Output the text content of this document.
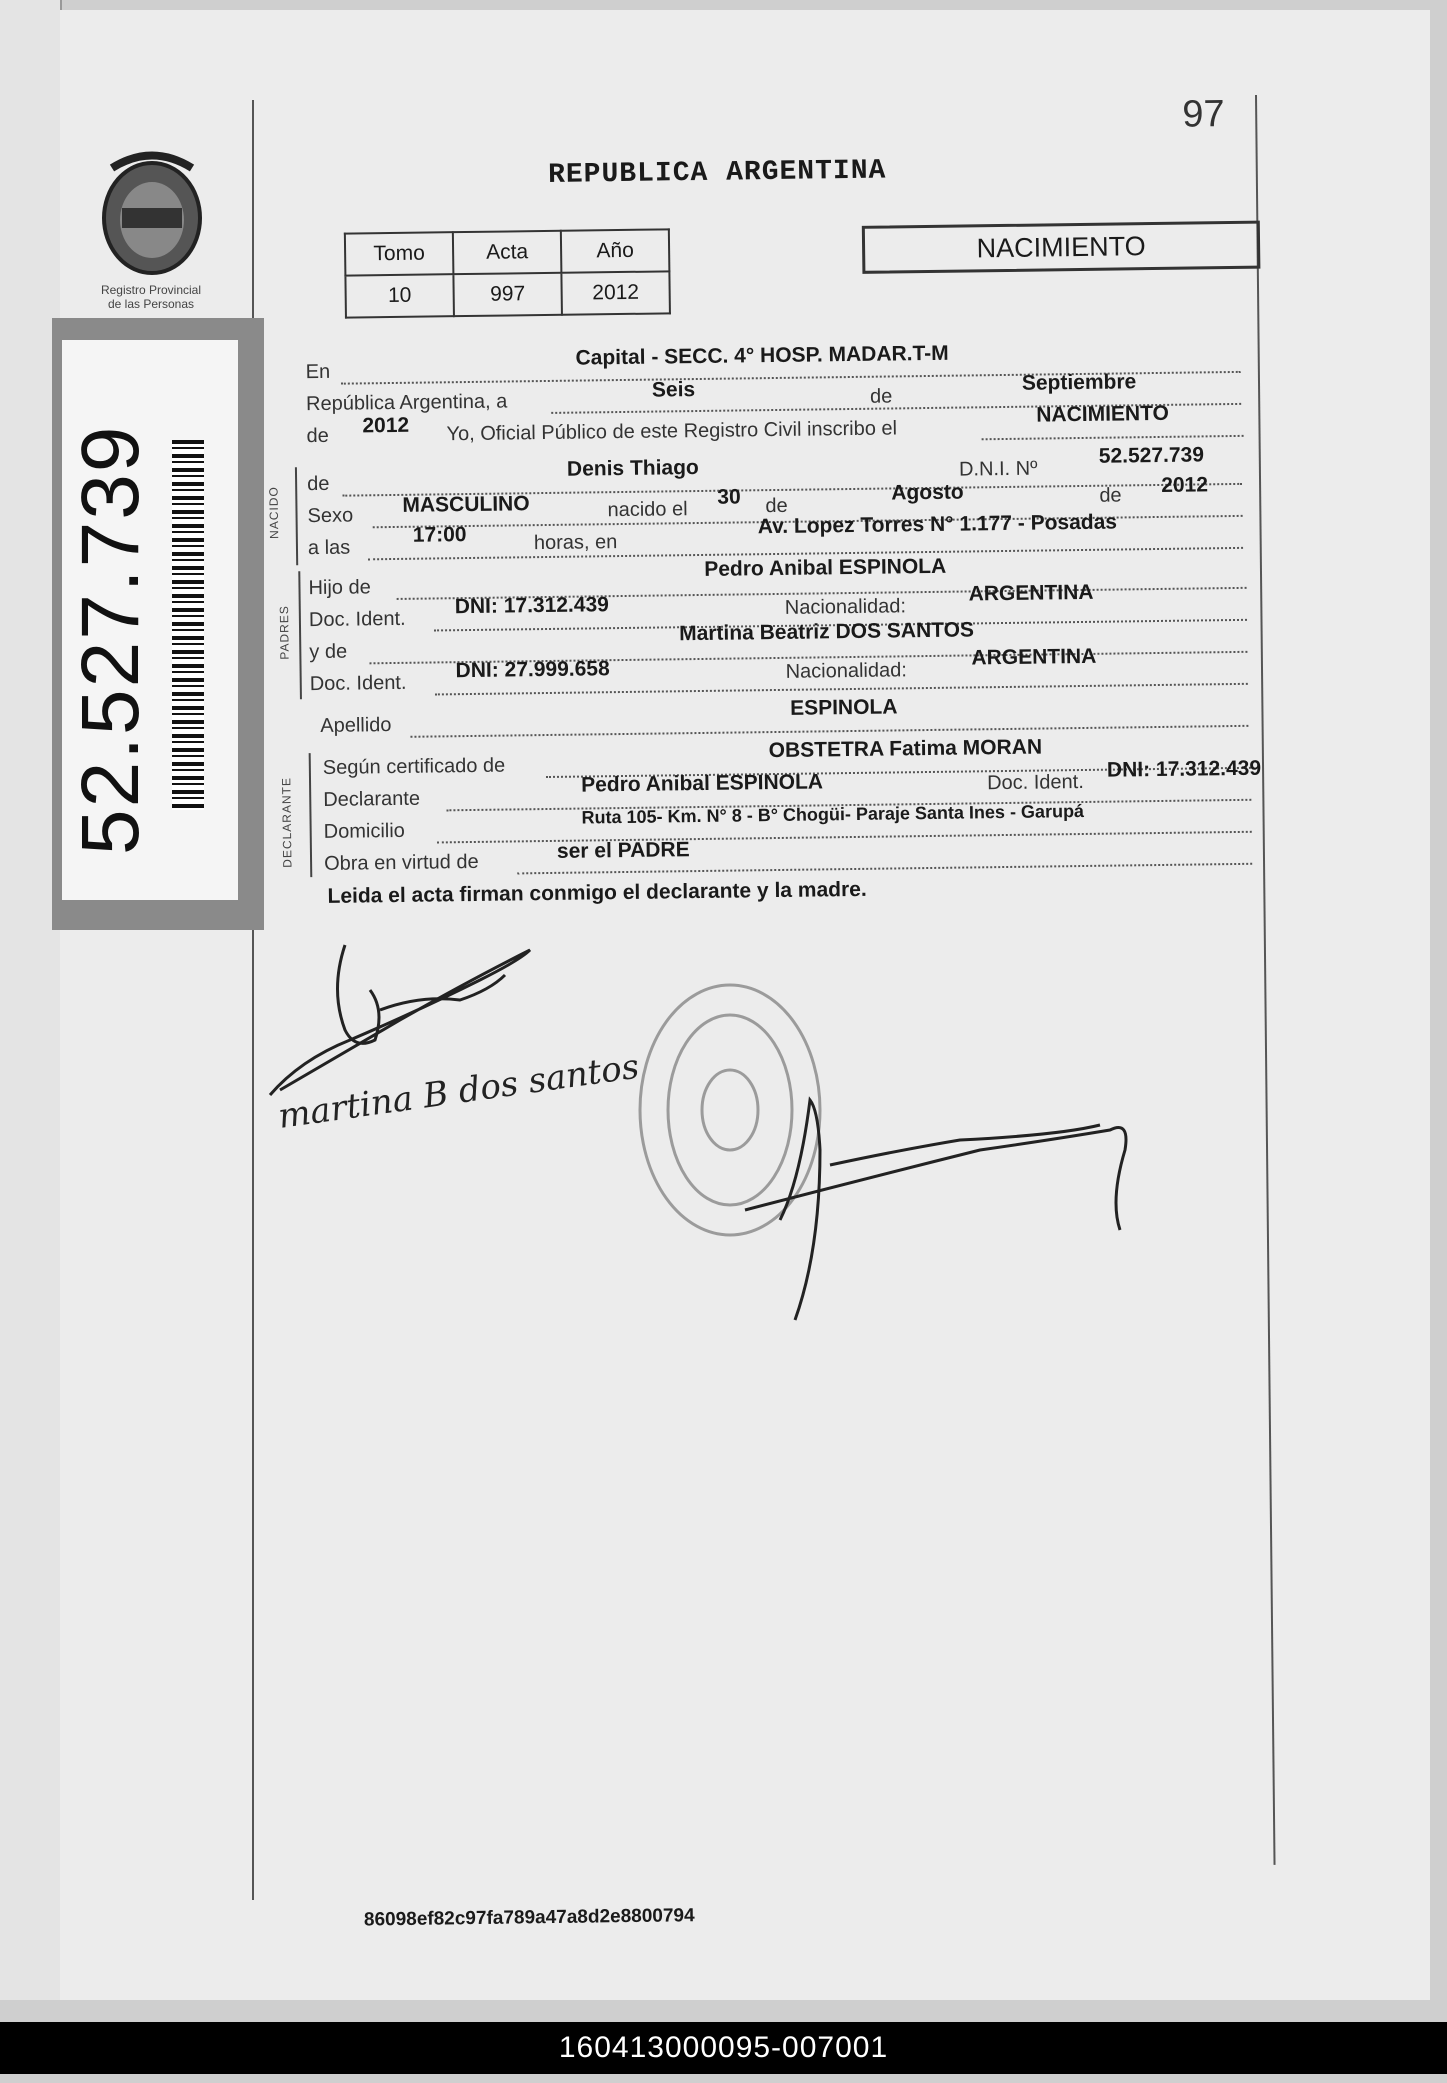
Registro Provincial
de las Personas
52.527.739
97
REPUBLICA ARGENTINA
Tomo	Acta	Año
10	997	2012
NACIMIENTO
En
Capital - SECC. 4° HOSP. MADAR.T-M
República Argentina, a
Seis	de
Septiembre
de 2012 Yo, Oficial Público de este Registro Civil inscribo el
NACIMIENTO
NACIDO
de
Denis Thiago	D.N.I. Nº
52.527.739
Sexo MASCULINO	nacido el
30 de
Agosto	de 2012
a las
17:00	horas, en
Av. Lopez Torres N° 1.177 - Posadas
PADRES
Hijo de
Pedro Anibal ESPINOLA
Doc. Ident.
DNI: 17.312.439	Nacionalidad:
ARGENTINA
y de
Martina Beatriz DOS SANTOS
Doc. Ident.
DNI: 27.999.658	Nacionalidad:
ARGENTINA
Apellido
ESPINOLA
DECLARANTE
Según certificado de
OBSTETRA Fatima MORAN
Declarante
Pedro Anibal ESPINOLA	Doc. Ident.
DNI: 17.312.439
Domicilio
Ruta 105- Km. N° 8 - B° Chogüi- Paraje Santa Ines - Garupá
Obra en virtud de
ser el PADRE
Leida el acta firman conmigo el declarante y la madre.
86098ef82c97fa789a47a8d2e8800794
martina B dos santos
160413000095-007001
